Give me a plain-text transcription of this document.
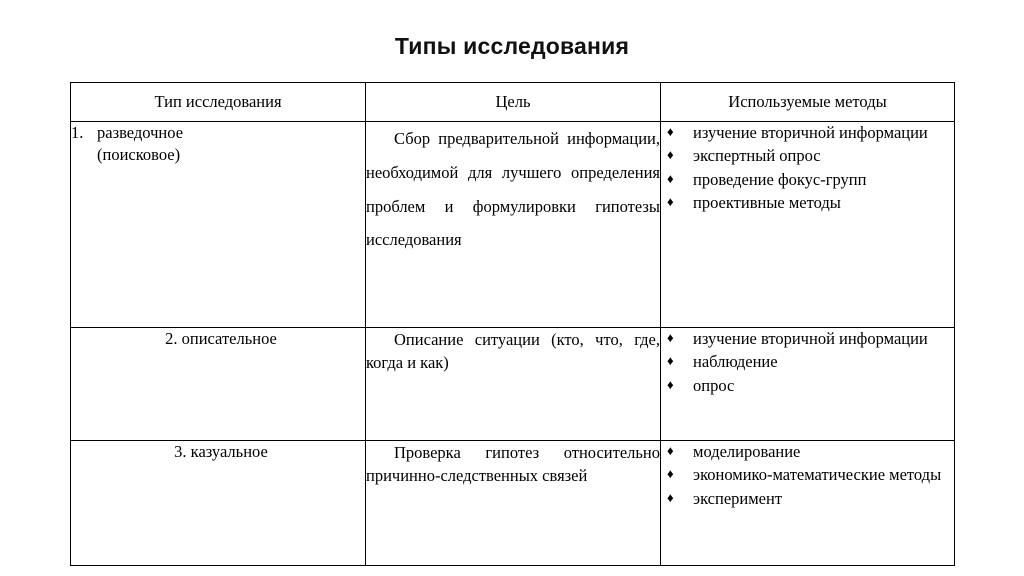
Типы исследования
Тип исследования	Цель	Используемые методы

1. разведочное
(поисковое)
	Сбор предварительной информации, необходимой для лучшего определения проблем и формулировки гипотезы исследования	
♦ изучение вторичной информации
♦ экспертный опрос
♦ проведение фокус-групп
♦ проективные методы

2. описательное	Описание ситуации (кто, что, где, когда и как)	
♦ изучение вторичной информации
♦ наблюдение
♦ опрос

3. казуальное	Проверка гипотез относительно причинно-следственных связей	
♦ моделирование
♦ экономико-математические методы
♦ эксперимент
